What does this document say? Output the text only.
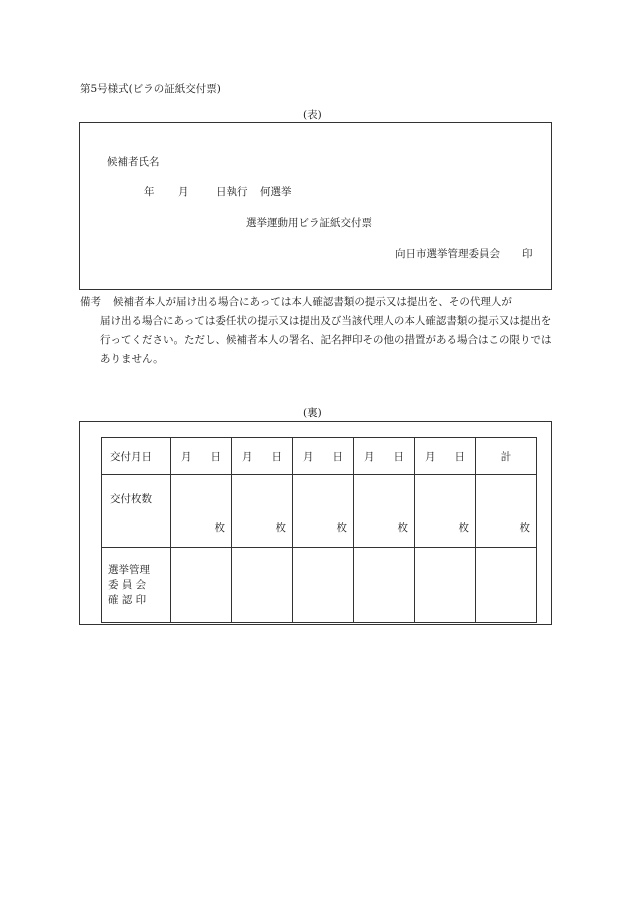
第5号様式(ビラの証紙交付票)
(表)
候補者氏名
年 月	日執行 何選挙
選挙運動用ビラ証紙交付票
向日市選挙管理委員会 印
備考 候補者本人が届け出る場合にあっては本人確認書類の提示又は提出を、その代理人が
届け出る場合にあっては委任状の提示又は提出及び当該代理人の本人確認書類の提示又は提出を行ってください。ただし、候補者本人の署名、記名押印その他の措置がある場合はこの限りではありません。
(裏)
交付月日	月 日	月 日	月 日	月 日	月 日	計
交付枚数	枚	枚	枚	枚	枚	枚

選挙管理
委 員 会
確 認 印						
